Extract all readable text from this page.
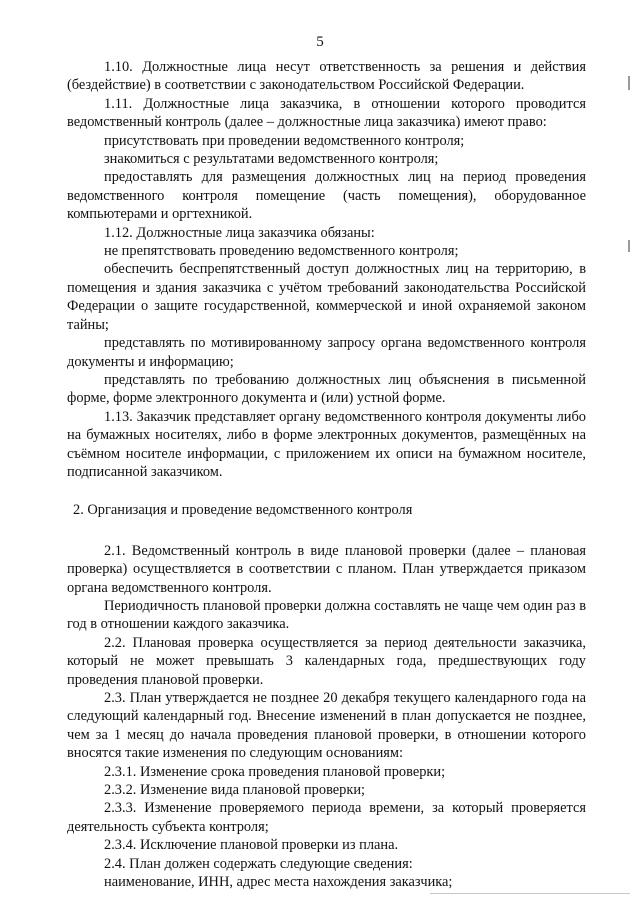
5

1.10. Должностные лица несут ответственность за решения и действия (бездействие) в соответствии с законодательством Российской Федерации.

1.11. Должностные лица заказчика, в отношении которого проводится ведомственный контроль (далее – должностные лица заказчика) имеют право:

присутствовать при проведении ведомственного контроля;

знакомиться с результатами ведомственного контроля;

предоставлять для размещения должностных лиц на период проведения ведомственного контроля помещение (часть помещения), оборудованное компьютерами и оргтехникой.

1.12. Должностные лица заказчика обязаны:

не препятствовать проведению ведомственного контроля;

обеспечить беспрепятственный доступ должностных лиц на территорию, в помещения и здания заказчика с учётом требований законодательства Российской Федерации о защите государственной, коммерческой и иной охраняемой законом тайны;

представлять по мотивированному запросу органа ведомственного контроля документы и информацию;

представлять по требованию должностных лиц объяснения в письменной форме, форме электронного документа и (или) устной форме.

1.13. Заказчик представляет органу ведомственного контроля документы либо на бумажных носителях, либо в форме электронных документов, размещённых на съёмном носителе информации, с приложением их описи на бумажном носителе, подписанной заказчиком.

2. Организация и проведение ведомственного контроля

2.1. Ведомственный контроль в виде плановой проверки (далее – плановая проверка) осуществляется в соответствии с планом. План утверждается приказом органа ведомственного контроля.

Периодичность плановой проверки должна составлять не чаще чем один раз в год в отношении каждого заказчика.

2.2. Плановая проверка осуществляется за период деятельности заказчика, который не может превышать 3 календарных года, предшествующих году проведения плановой проверки.

2.3. План утверждается не позднее 20 декабря текущего календарного года на следующий календарный год. Внесение изменений в план допускается не позднее, чем за 1 месяц до начала проведения плановой проверки, в отношении которого вносятся такие изменения по следующим основаниям:

2.3.1. Изменение срока проведения плановой проверки;

2.3.2. Изменение вида плановой проверки;

2.3.3. Изменение проверяемого периода времени, за который проверяется деятельность субъекта контроля;

2.3.4. Исключение плановой проверки из плана.

2.4. План должен содержать следующие сведения:

наименование, ИНН, адрес места нахождения заказчика;
